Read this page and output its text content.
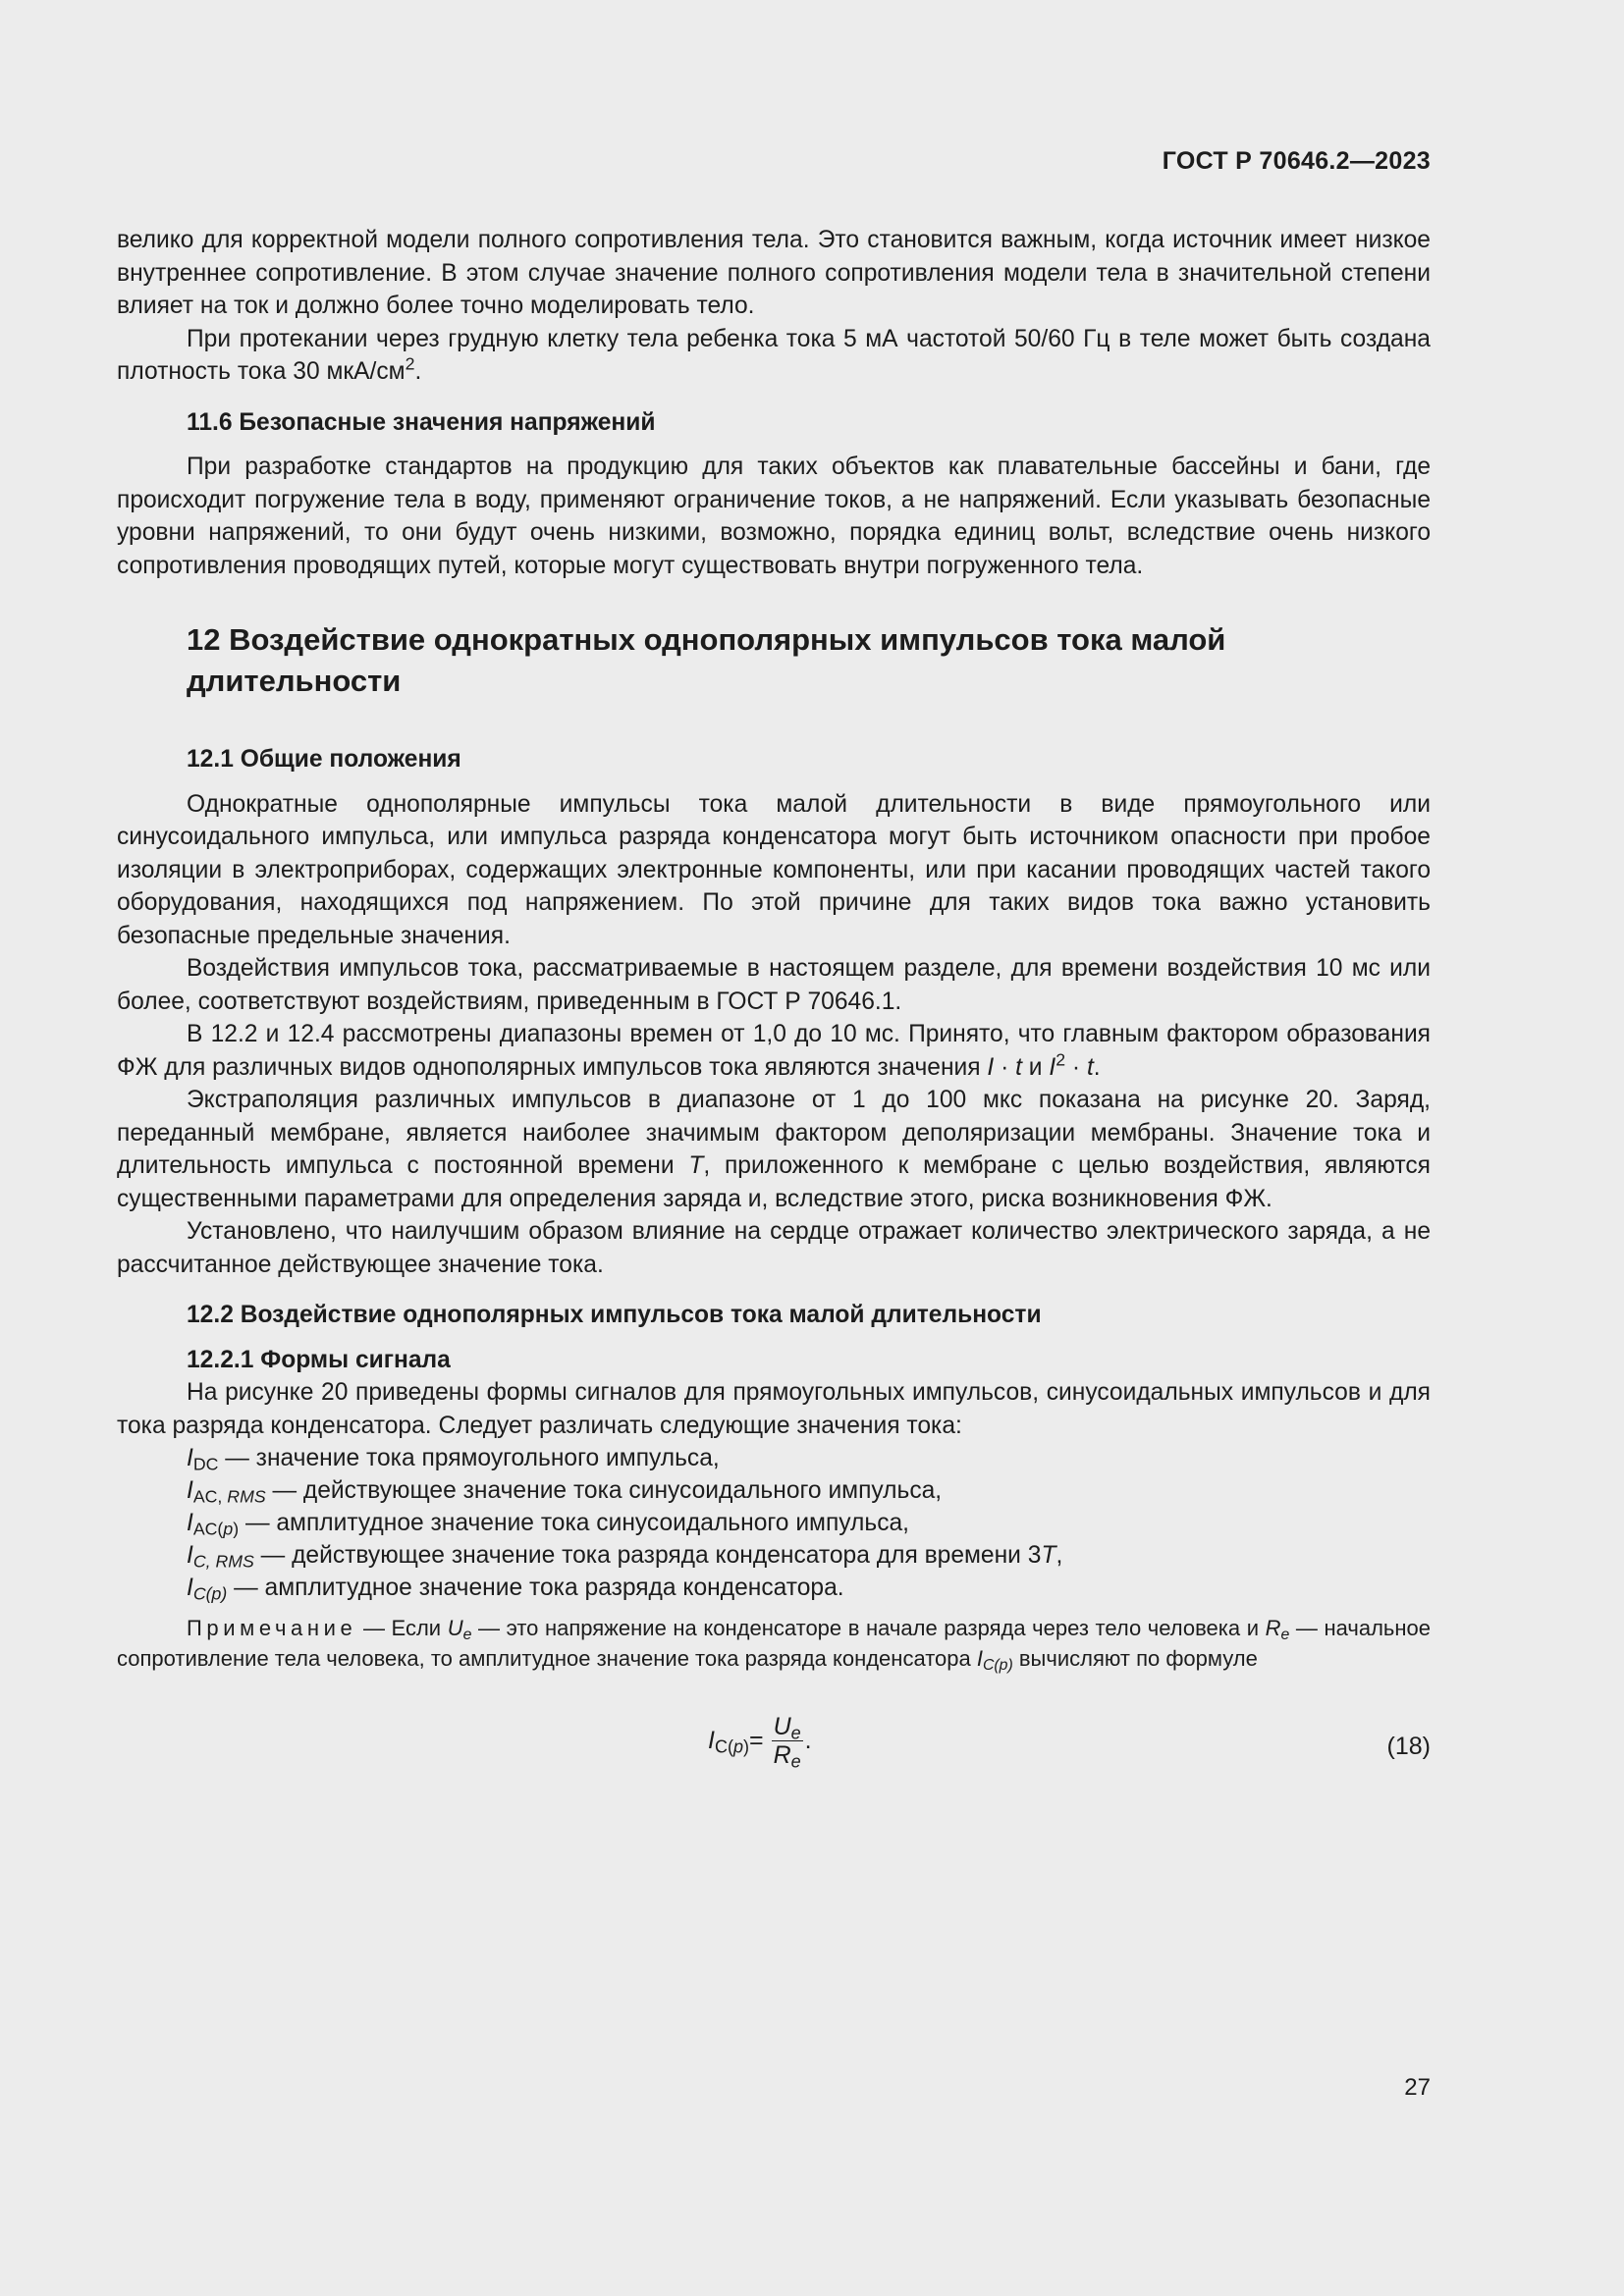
ГОСТ Р 70646.2—2023

велико для корректной модели полного сопротивления тела. Это становится важным, когда источник имеет низкое внутреннее сопротивление. В этом случае значение полного сопротивления модели тела в значительной степени влияет на ток и должно более точно моделировать тело.

При протекании через грудную клетку тела ребенка тока 5 мА частотой 50/60 Гц в теле может быть создана плотность тока 30 мкА/$см^2$.

11.6 Безопасные значения напряжений

При разработке стандартов на продукцию для таких объектов как плавательные бассейны и бани, где происходит погружение тела в воду, применяют ограничение токов, а не напряжений. Если указывать безопасные уровни напряжений, то они будут очень низкими, возможно, порядка единиц вольт, вследствие очень низкого сопротивления проводящих путей, которые могут существовать внутри погруженного тела.

12 Воздействие однократных однополярных импульсов тока малой длительности
12.1 Общие положения

Однократные однополярные импульсы тока малой длительности в виде прямоугольного или синусоидального импульса, или импульса разряда конденсатора могут быть источником опасности при пробое изоляции в электроприборах, содержащих электронные компоненты, или при касании проводящих частей такого оборудования, находящихся под напряжением. По этой причине для таких видов тока важно установить безопасные предельные значения.

Воздействия импульсов тока, рассматриваемые в настоящем разделе, для времени воздействия 10 мс или более, соответствуют воздействиям, приведенным в ГОСТ Р 70646.1.

В 12.2 и 12.4 рассмотрены диапазоны времен от 1,0 до 10 мс. Принято, что главным фактором образования ФЖ для различных видов однополярных импульсов тока являются значения I · t и $I^2 \cdot t$.

Экстраполяция различных импульсов в диапазоне от 1 до 100 мкс показана на рисунке 20. Заряд, переданный мембране, является наиболее значимым фактором деполяризации мембраны. Значение тока и длительность импульса с постоянной времени T, приложенного к мембране с целью воздействия, являются существенными параметрами для определения заряда и, вследствие этого, риска возникновения ФЖ.

Установлено, что наилучшим образом влияние на сердце отражает количество электрического заряда, а не рассчитанное действующее значение тока.

12.2 Воздействие однополярных импульсов тока малой длительности
12.2.1 Формы сигнала

На рисунке 20 приведены формы сигналов для прямоугольных импульсов, синусоидальных импульсов и для тока разряда конденсатора. Следует различать следующие значения тока:

$I_{DC}$ — значение тока прямоугольного импульса,
$I_{AC,}$ $_{RMS}$ — действующее значение тока синусоидального импульса,
$I_{AC(p)}$ — амплитудное значение тока синусоидального импульса,
$I_{C, RMS}$ — действующее значение тока разряда конденсатора для времени 3T,
$I_{C(p)}$ — амплитудное значение тока разряда конденсатора.

Примечание — Если $U_e$ — это напряжение на конденсаторе в начале разряда через тело человека и $R_e$ — начальное сопротивление тела человека, то амплитудное значение тока разряда конденсатора $I_{C(p)}$ вычисляют по формуле

$I_{C(p)} = \frac{U_e}{R_e}$ .	(18)
27
